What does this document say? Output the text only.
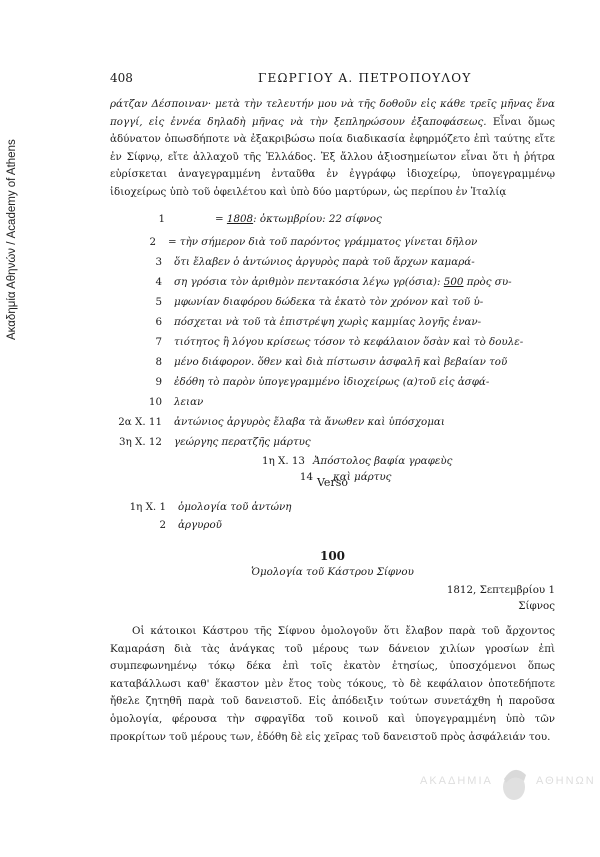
Ακαδημία Αθηνών / Academy of Athens
408	ΓΕΩΡΓΙΟΥ Α. ΠΕΤΡΟΠΟΥΛΟΥ

ράτζαν Δέσποιναν· μετὰ τὴν τελευτήν μου νὰ τῆς δοθοῦν εἰς κάθε τρεῖς μῆνας ἕνα πογγί, εἰς ἐννέα δηλαδὴ μῆνας νὰ τὴν ξεπληρώσουν ἐξαποφάσεως. Εἶναι ὅμως ἀδύνατον ὁπωσδήποτε νὰ ἐξακριβώσω ποία διαδικασία ἐφηρμόζετο ἐπὶ ταύτης εἴτε ἐν Σίφνῳ, εἴτε ἀλλαχοῦ τῆς Ἑλλάδος. Ἐξ ἄλλου ἀξιοσημείωτον εἶναι ὅτι ἡ ῥήτρα εὑρίσκεται ἀναγεγραμμένη ἐνταῦθα ἐν ἐγγράφῳ ἰδιοχείρῳ, ὑπογεγραμμένῳ ἰδιοχείρως ὑπὸ τοῦ ὀφειλέτου καὶ ὑπὸ δύο μαρτύρων, ὡς περίπου ἐν Ἰταλίᾳ

1	= 1808: ὀκτωμβρίου: 22 σίφνος
2 = τὴν σήμερον διὰ τοῦ παρόντος γράμματος γίνεται δῆλον
3 ὅτι ἔλαβεν ὁ ἀντώνιος ἀργυρὸς παρὰ τοῦ ἄρχων καμαρά-
4 ση γρόσια τὸν ἀριθμὸν πεντακόσια λέγω γρ(όσια): 500 πρὸς συ-
5 μφωνίαν διαφόρου δώδεκα τὰ ἑκατὸ τὸν χρόνον καὶ τοῦ ὑ-
6 πόσχεται νὰ τοῦ τὰ ἐπιστρέψη χωρὶς καμμίας λογῆς ἐναν-
7 τιότητος ἢ λόγου κρίσεως τόσον τὸ κεφάλαιον ὅσὰν καὶ τὸ δουλε-
8 μένο διάφορον. ὅθεν καὶ διὰ πίστωσιν ἀσφαλῆ καὶ βεβαίαν τοῦ
9 ἐδόθη τὸ παρὸν ὑπογεγραμμένο ἰδιοχείρως (α)τοῦ εἰς ἀσφά-
10 λειαν
2α Χ. 11 ἀντώνιος ἀργυρὸς ἔλαβα τὰ ἄνωθεν καὶ ὑπόσχομαι
3η Χ. 12 γεώργης περατζῆς μάρτυς
1η Χ. 13 Ἀπόστολος βαφία γραφεὺς
14 καὶ μάρτυς
Verso
1η Χ. 1 ὁμολογία τοῦ ἀντώνη
2 ἀργυροῦ
100
Ὁμολογία τοῦ Κάστρου Σίφνου
1812, Σεπτεμβρίου 1
Σίφνος

Οἱ κάτοικοι Κάστρου τῆς Σίφνου ὁμολογοῦν ὅτι ἔλαβον παρὰ τοῦ ἄρχοντος Καμαράση διὰ τὰς ἀνάγκας τοῦ μέρους των δάνειον χιλίων γροσίων ἐπὶ συμπεφωνημένῳ τόκῳ δέκα ἐπὶ τοῖς ἑκατὸν ἐτησίως, ὑποσχόμενοι ὅπως καταβάλλωσι καθ' ἕκαστον μὲν ἔτος τοὺς τόκους, τὸ δὲ κεφάλαιον ὁποτεδήποτε ἤθελε ζητηθῆ παρὰ τοῦ δανειστοῦ. Εἰς ἀπόδειξιν τούτων συνετάχθη ἡ παροῦσα ὁμολογία, φέρουσα τὴν σφραγῖδα τοῦ κοινοῦ καὶ ὑπογεγραμμένη ὑπὸ τῶν προκρίτων τοῦ μέρους των, ἐδόθη δὲ εἰς χεῖρας τοῦ δανειστοῦ πρὸς ἀσφάλειάν του.

ΑΚΑΔΗΜΙΑ	ΑΘΗΝΩΝ
